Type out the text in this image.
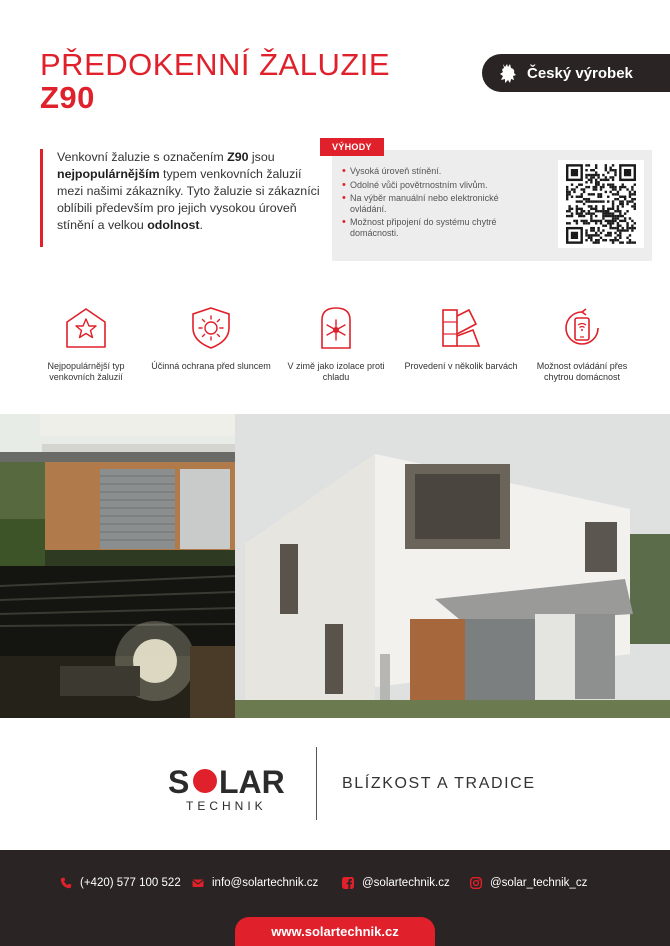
PŘEDOKENNÍ ŽALUZIE
Z90
Český výrobek

Venkovní žaluzie s označením Z90 jsou nejpopulárnějším typem venkovních žaluzií mezi našimi zákazníky. Tyto žaluzie si zákazníci oblíbili především pro jejich vysokou úroveň stínění a velkou odolnost.

VÝHODY
• Vysoká úroveň stínění.
• Odolné vůči povětrnostním vlivům.
• Na výběr manuální nebo elektronické ovládání.
• Možnost připojení do systému chytré domácnosti.
Nejpopulárnější typ venkovních žaluzií
Účinná ochrana před sluncem	V zimě jako izolace proti chladu
Provedení v několik barvách	Možnost ovládání přes chytrou domácnost
S LAR
TECHNIK
BLÍZKOST A TRADICE
(+420) 577 100 522	info@solartechnik.cz	@solartechnik.cz	@solar_technik_cz
www.solartechnik.cz
